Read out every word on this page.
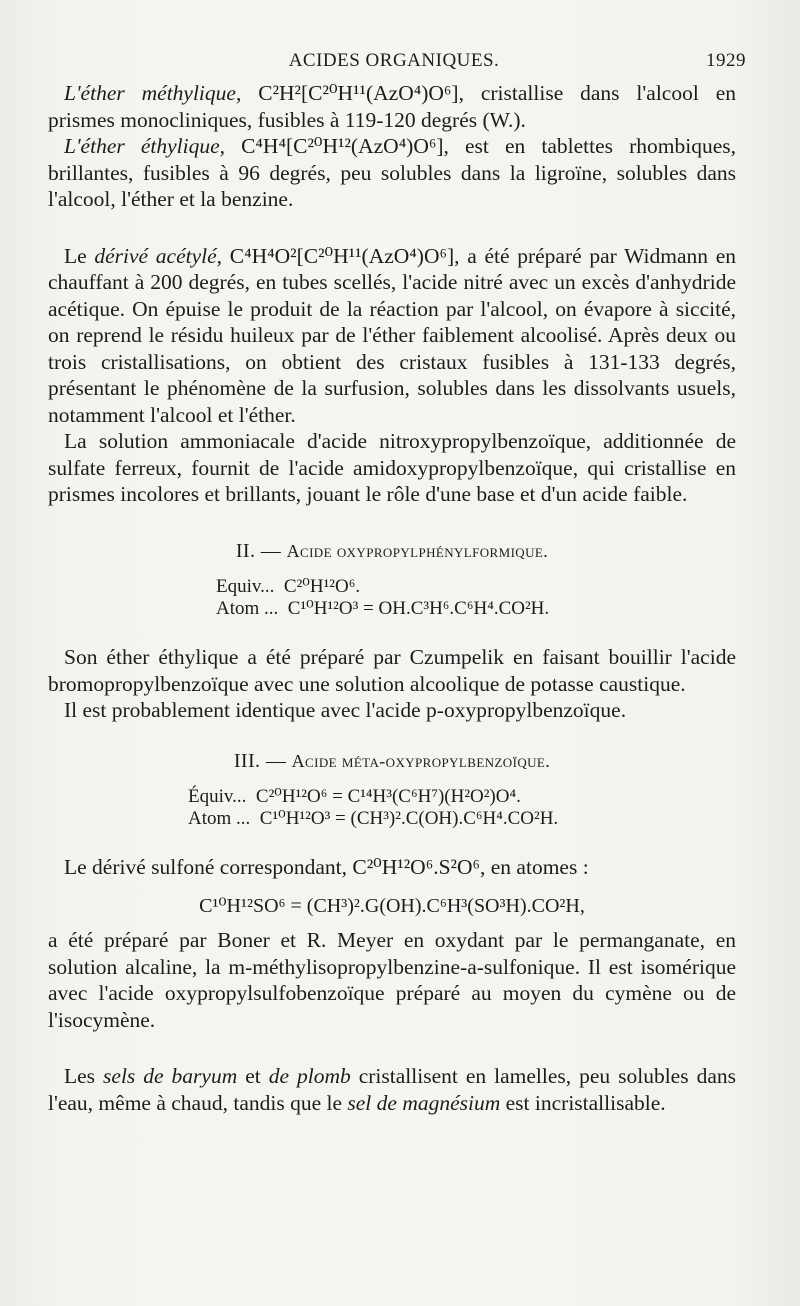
ACIDES ORGANIQUES.	1929

L'éther méthylique, C²H²[C²⁰H¹¹(AzO⁴)O⁶], cristallise dans l'alcool en prismes monocliniques, fusibles à 119-120 degrés (W.).

L'éther éthylique, C⁴H⁴[C²⁰H¹²(AzO⁴)O⁶], est en tablettes rhombiques, brillantes, fusibles à 96 degrés, peu solubles dans la ligroïne, solubles dans l'alcool, l'éther et la benzine.

Le dérivé acétylé, C⁴H⁴O²[C²⁰H¹¹(AzO⁴)O⁶], a été préparé par Widmann en chauffant à 200 degrés, en tubes scellés, l'acide nitré avec un excès d'anhydride acétique. On épuise le produit de la réaction par l'alcool, on évapore à siccité, on reprend le résidu huileux par de l'éther faiblement alcoolisé. Après deux ou trois cristallisations, on obtient des cristaux fusibles à 131-133 degrés, présentant le phénomène de la surfusion, solubles dans les dissolvants usuels, notamment l'alcool et l'éther.

La solution ammoniacale d'acide nitroxypropylbenzoïque, additionnée de sulfate ferreux, fournit de l'acide amidoxypropylbenzoïque, qui cristallise en prismes incolores et brillants, jouant le rôle d'une base et d'un acide faible.

II. — Acide oxypropylphénylformique.

Equiv... C²⁰H¹²O⁶.
Atom ... C¹⁰H¹²O³ = OH.C³H⁶.C⁶H⁴.CO²H.

Son éther éthylique a été préparé par Czumpelik en faisant bouillir l'acide bromopropylbenzoïque avec une solution alcoolique de potasse caustique.

Il est probablement identique avec l'acide p-oxypropylbenzoïque.

III. — Acide méta-oxypropylbenzoïque.

Équiv... C²⁰H¹²O⁶ = C¹⁴H³(C⁶H⁷)(H²O²)O⁴.
Atom ... C¹⁰H¹²O³ = (CH³)².C(OH).C⁶H⁴.CO²H.

Le dérivé sulfoné correspondant, C²⁰H¹²O⁶.S²O⁶, en atomes :

C¹⁰H¹²SO⁶ = (CH³)².G(OH).C⁶H³(SO³H).CO²H,

a été préparé par Boner et R. Meyer en oxydant par le permanganate, en solution alcaline, la m-méthylisopropylbenzine-a-sulfonique. Il est isomérique avec l'acide oxypropylsulfobenzoïque préparé au moyen du cymène ou de l'isocymène.

Les sels de baryum et de plomb cristallisent en lamelles, peu solubles dans l'eau, même à chaud, tandis que le sel de magnésium est incristallisable.
